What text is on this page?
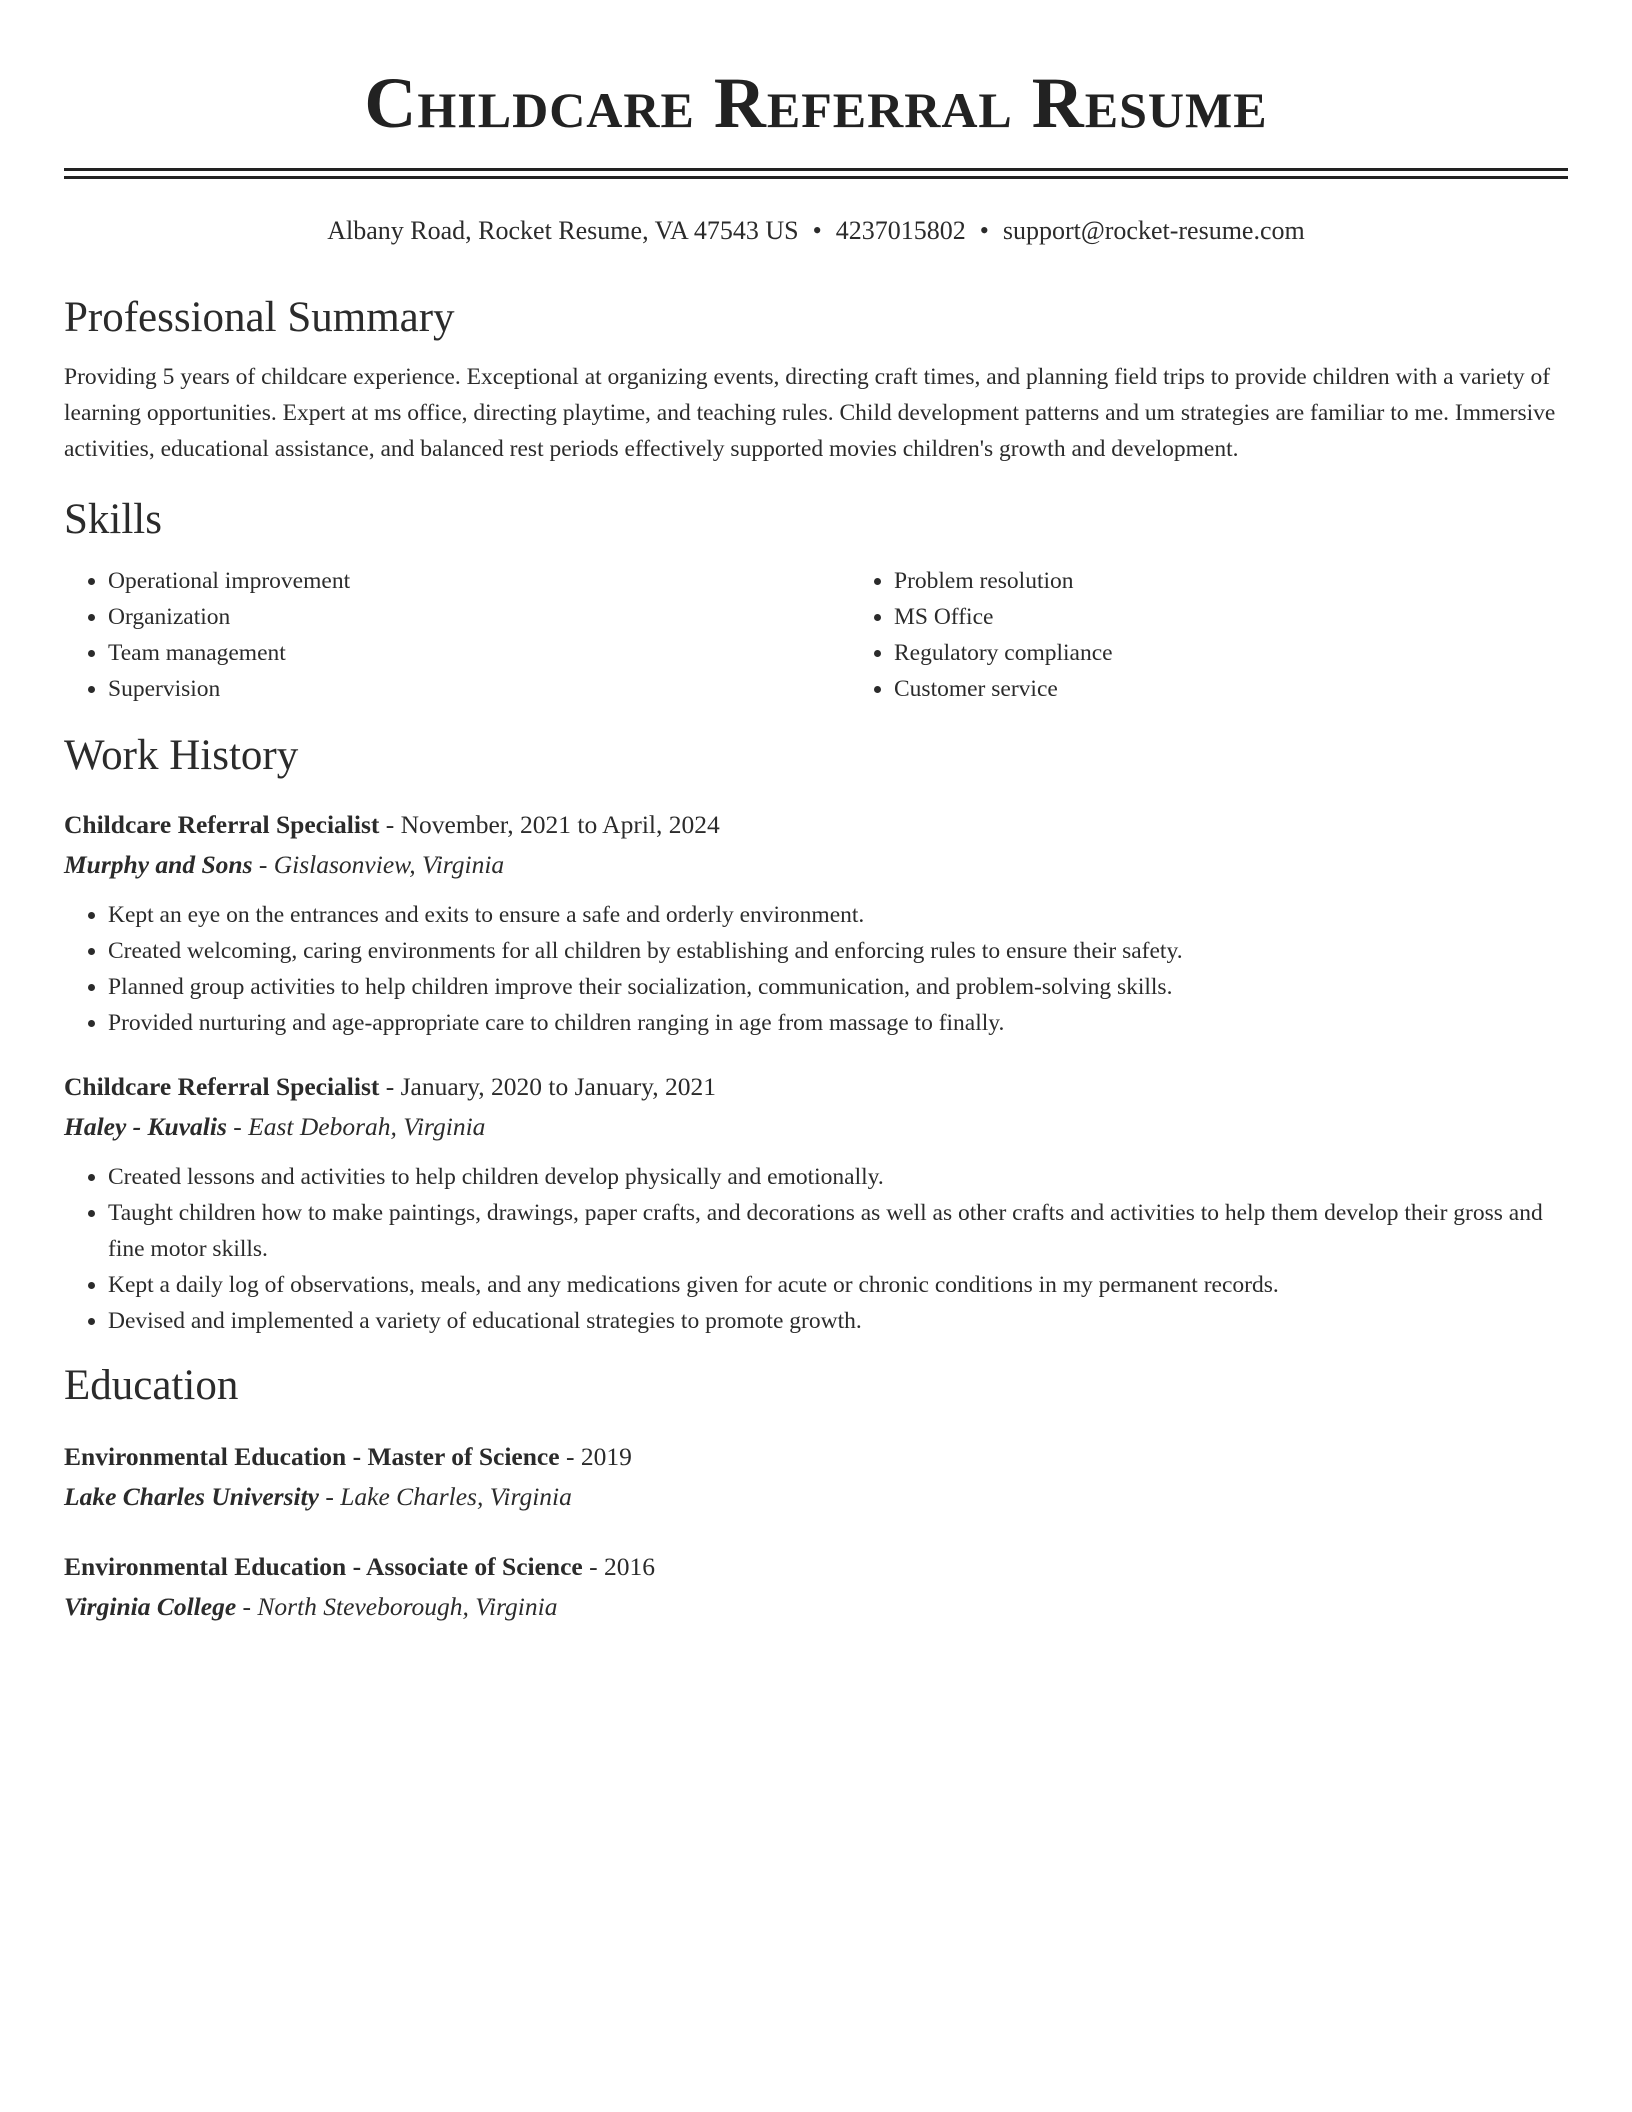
Childcare Referral Resume
Albany Road, Rocket Resume, VA 47543 US • 4237015802 • support@rocket-resume.com
Professional Summary

Providing 5 years of childcare experience. Exceptional at organizing events, directing craft times, and planning field trips to provide children with a variety of learning opportunities. Expert at ms office, directing playtime, and teaching rules. Child development patterns and um strategies are familiar to me. Immersive activities, educational assistance, and balanced rest periods effectively supported movies children's growth and development.

Skills
• Operational improvement
• Organization
• Team management
• Supervision
• Problem resolution
• MS Office
• Regulatory compliance
• Customer service
Work History
Childcare Referral Specialist - November, 2021 to April, 2024
Murphy and Sons - Gislasonview, Virginia
• Kept an eye on the entrances and exits to ensure a safe and orderly environment.
• Created welcoming, caring environments for all children by establishing and enforcing rules to ensure their safety.
• Planned group activities to help children improve their socialization, communication, and problem-solving skills.
• Provided nurturing and age-appropriate care to children ranging in age from massage to finally.
Childcare Referral Specialist - January, 2020 to January, 2021
Haley - Kuvalis - East Deborah, Virginia
• Created lessons and activities to help children develop physically and emotionally.
• Taught children how to make paintings, drawings, paper crafts, and decorations as well as other crafts and activities to help them develop their gross and fine motor skills.
• Kept a daily log of observations, meals, and any medications given for acute or chronic conditions in my permanent records.
• Devised and implemented a variety of educational strategies to promote growth.
Education
Environmental Education - Master of Science - 2019
Lake Charles University - Lake Charles, Virginia
Environmental Education - Associate of Science - 2016
Virginia College - North Steveborough, Virginia
